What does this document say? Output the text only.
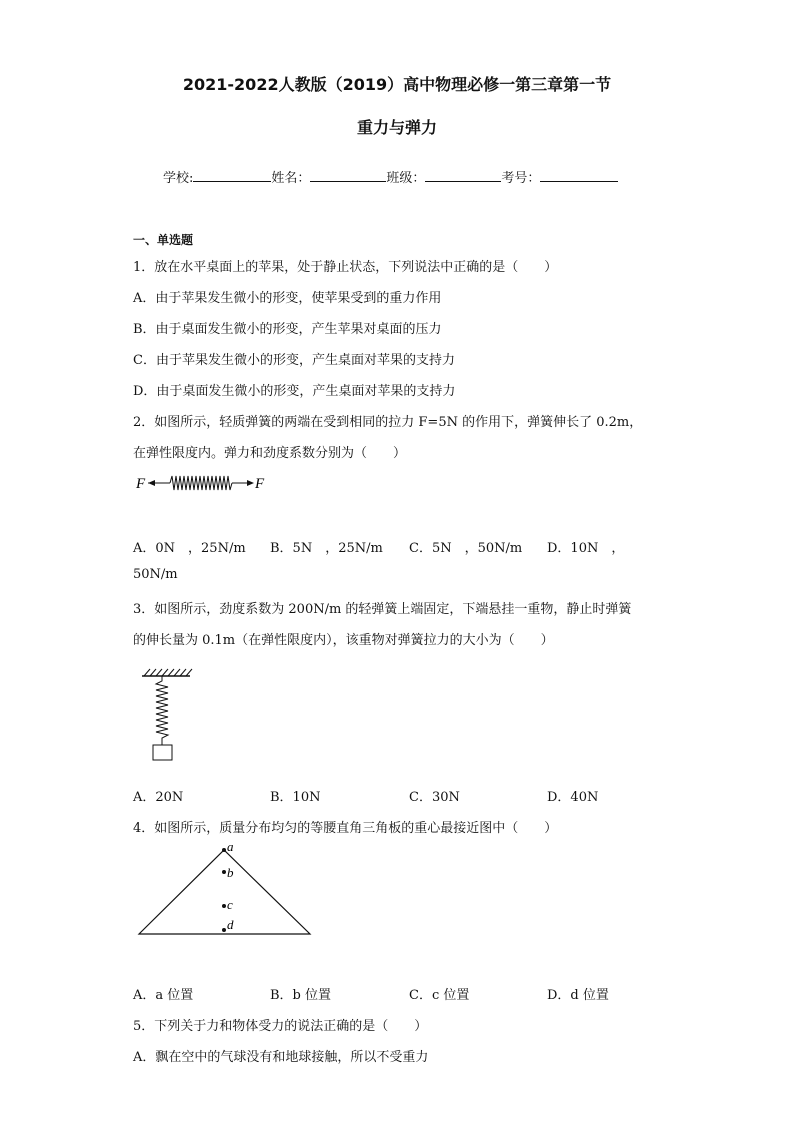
2021-2022人教版（2019）高中物理必修一第三章第一节
重力与弹力
学校:	姓名：	班级：	考号：
一、单选题
1．放在水平桌面上的苹果，处于静止状态，下列说法中正确的是（　　）
A．由于苹果发生微小的形变，使苹果受到的重力作用
B．由于桌面发生微小的形变，产生苹果对桌面的压力
C．由于苹果发生微小的形变，产生桌面对苹果的支持力
D．由于桌面发生微小的形变，产生桌面对苹果的支持力
2．如图所示，轻质弹簧的两端在受到相同的拉力 F=5N 的作用下，弹簧伸长了 0.2m，
在弹性限度内。弹力和劲度系数分别为（　　）
F	F
A．0N　，25N/m B．5N　，25N/m C．5N　，50N/m D．10N　，
50N/m
3．如图所示，劲度系数为 200N/m 的轻弹簧上端固定，下端悬挂一重物，静止时弹簧
的伸长量为 0.1m（在弹性限度内），该重物对弹簧拉力的大小为（　　）
A．20N	B．10N	C．30N	D．40N
4．如图所示，质量分布均匀的等腰直角三角板的重心最接近图中（　　）
a
b
c
d
A．a 位置	B．b 位置	C．c 位置	D．d 位置
5．下列关于力和物体受力的说法正确的是（　　）
A．飘在空中的气球没有和地球接触，所以不受重力
